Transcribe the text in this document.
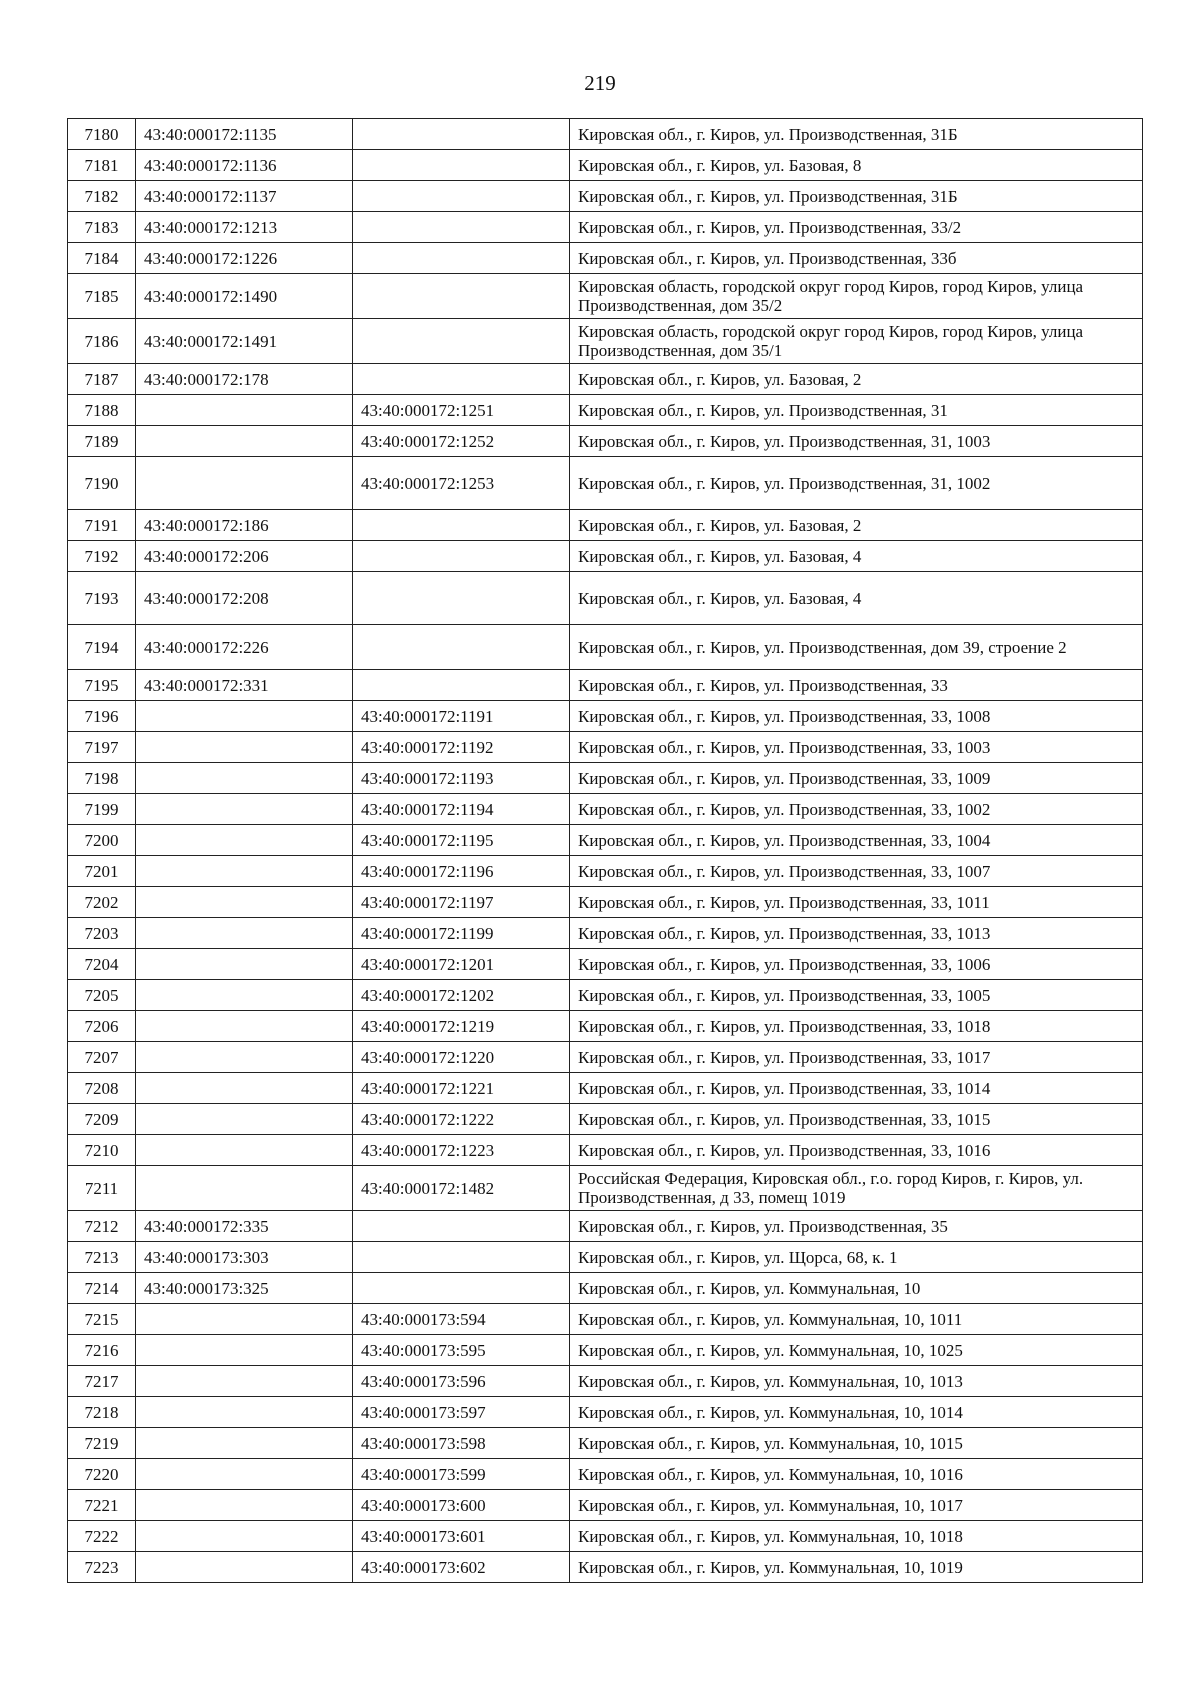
219
7180	43:40:000172:1135		Кировская обл., г. Киров, ул. Производственная, 31Б
7181	43:40:000172:1136		Кировская обл., г. Киров, ул. Базовая, 8
7182	43:40:000172:1137		Кировская обл., г. Киров, ул. Производственная, 31Б
7183	43:40:000172:1213		Кировская обл., г. Киров, ул. Производственная, 33/2
7184	43:40:000172:1226		Кировская обл., г. Киров, ул. Производственная, 33б
7185	43:40:000172:1490		Кировская область, городской округ город Киров, город Киров, улица Производственная, дом 35/2
7186	43:40:000172:1491		Кировская область, городской округ город Киров, город Киров, улица Производственная, дом 35/1
7187	43:40:000172:178		Кировская обл., г. Киров, ул. Базовая, 2
7188		43:40:000172:1251	Кировская обл., г. Киров, ул. Производственная, 31
7189		43:40:000172:1252	Кировская обл., г. Киров, ул. Производственная, 31, 1003
7190		43:40:000172:1253	Кировская обл., г. Киров, ул. Производственная, 31, 1002
7191	43:40:000172:186		Кировская обл., г. Киров, ул. Базовая, 2
7192	43:40:000172:206		Кировская обл., г. Киров, ул. Базовая, 4
7193	43:40:000172:208		Кировская обл., г. Киров, ул. Базовая, 4
7194	43:40:000172:226		Кировская обл., г. Киров, ул. Производственная, дом 39, строение 2
7195	43:40:000172:331		Кировская обл., г. Киров, ул. Производственная, 33
7196		43:40:000172:1191	Кировская обл., г. Киров, ул. Производственная, 33, 1008
7197		43:40:000172:1192	Кировская обл., г. Киров, ул. Производственная, 33, 1003
7198		43:40:000172:1193	Кировская обл., г. Киров, ул. Производственная, 33, 1009
7199		43:40:000172:1194	Кировская обл., г. Киров, ул. Производственная, 33, 1002
7200		43:40:000172:1195	Кировская обл., г. Киров, ул. Производственная, 33, 1004
7201		43:40:000172:1196	Кировская обл., г. Киров, ул. Производственная, 33, 1007
7202		43:40:000172:1197	Кировская обл., г. Киров, ул. Производственная, 33, 1011
7203		43:40:000172:1199	Кировская обл., г. Киров, ул. Производственная, 33, 1013
7204		43:40:000172:1201	Кировская обл., г. Киров, ул. Производственная, 33, 1006
7205		43:40:000172:1202	Кировская обл., г. Киров, ул. Производственная, 33, 1005
7206		43:40:000172:1219	Кировская обл., г. Киров, ул. Производственная, 33, 1018
7207		43:40:000172:1220	Кировская обл., г. Киров, ул. Производственная, 33, 1017
7208		43:40:000172:1221	Кировская обл., г. Киров, ул. Производственная, 33, 1014
7209		43:40:000172:1222	Кировская обл., г. Киров, ул. Производственная, 33, 1015
7210		43:40:000172:1223	Кировская обл., г. Киров, ул. Производственная, 33, 1016
7211		43:40:000172:1482	Российская Федерация, Кировская обл., г.о. город Киров, г. Киров, ул. Производственная, д 33, помещ 1019
7212	43:40:000172:335		Кировская обл., г. Киров, ул. Производственная, 35
7213	43:40:000173:303		Кировская обл., г. Киров, ул. Щорса, 68, к. 1
7214	43:40:000173:325		Кировская обл., г. Киров, ул. Коммунальная, 10
7215		43:40:000173:594	Кировская обл., г. Киров, ул. Коммунальная, 10, 1011
7216		43:40:000173:595	Кировская обл., г. Киров, ул. Коммунальная, 10, 1025
7217		43:40:000173:596	Кировская обл., г. Киров, ул. Коммунальная, 10, 1013
7218		43:40:000173:597	Кировская обл., г. Киров, ул. Коммунальная, 10, 1014
7219		43:40:000173:598	Кировская обл., г. Киров, ул. Коммунальная, 10, 1015
7220		43:40:000173:599	Кировская обл., г. Киров, ул. Коммунальная, 10, 1016
7221		43:40:000173:600	Кировская обл., г. Киров, ул. Коммунальная, 10, 1017
7222		43:40:000173:601	Кировская обл., г. Киров, ул. Коммунальная, 10, 1018
7223		43:40:000173:602	Кировская обл., г. Киров, ул. Коммунальная, 10, 1019
